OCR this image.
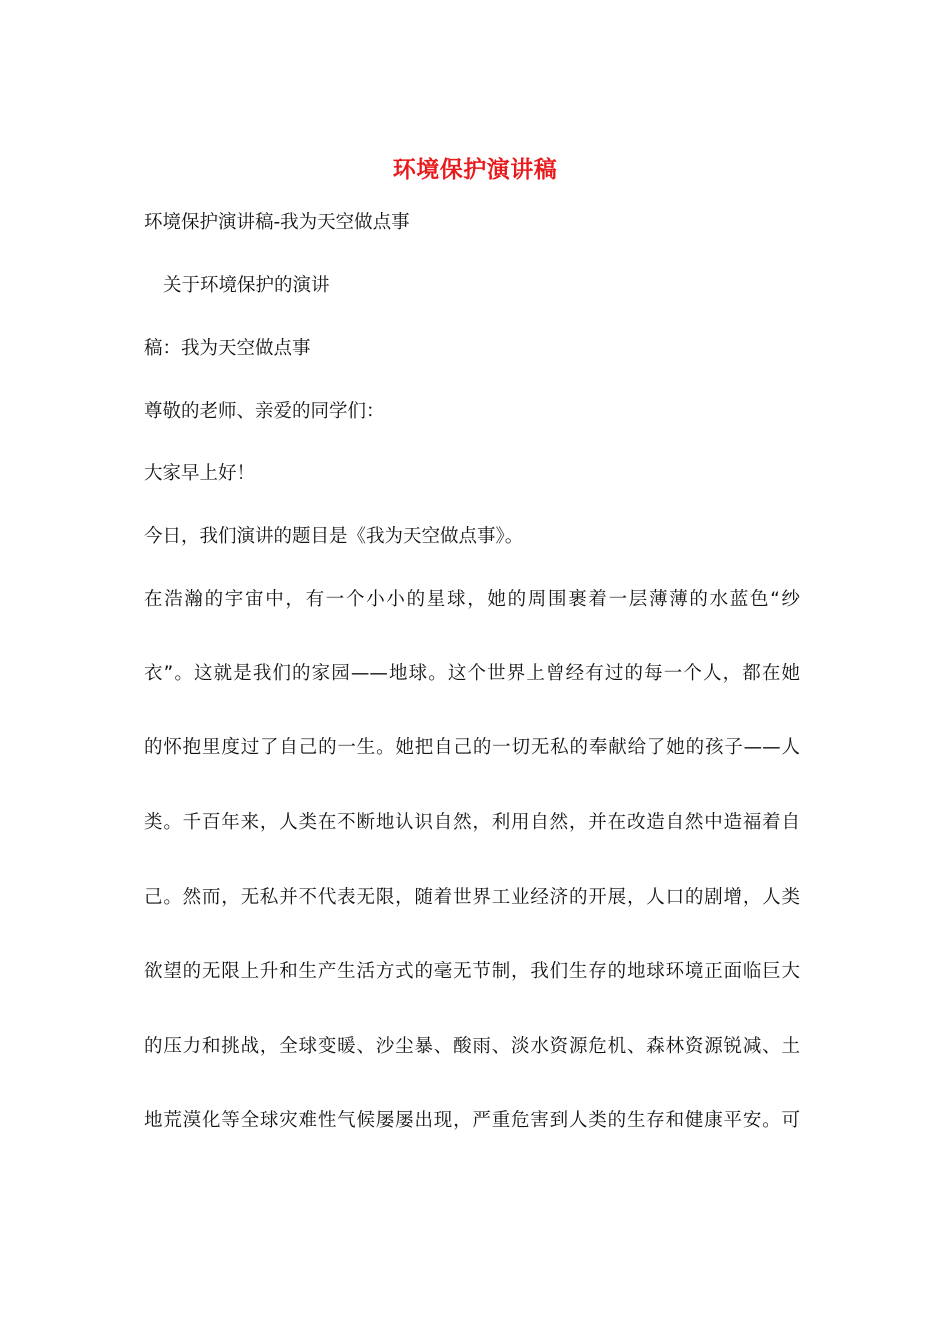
环境保护演讲稿

环境保护演讲稿-我为天空做点事

关于环境保护的演讲

稿：我为天空做点事

尊敬的老师、亲爱的同学们：

大家早上好！

今日，我们演讲的题目是《我为天空做点事》。

在浩瀚的宇宙中，有一个小小的星球，她的周围裹着一层薄薄的水蓝色“纱

衣”。这就是我们的家园——地球。这个世界上曾经有过的每一个人，都在她

的怀抱里度过了自己的一生。她把自己的一切无私的奉献给了她的孩子——人

类。千百年来，人类在不断地认识自然，利用自然，并在改造自然中造福着自

己。然而，无私并不代表无限，随着世界工业经济的开展，人口的剧增，人类

欲望的无限上升和生产生活方式的毫无节制，我们生存的地球环境正面临巨大

的压力和挑战，全球变暖、沙尘暴、酸雨、淡水资源危机、森林资源锐减、土

地荒漠化等全球灾难性气候屡屡出现，严重危害到人类的生存和健康平安。可
